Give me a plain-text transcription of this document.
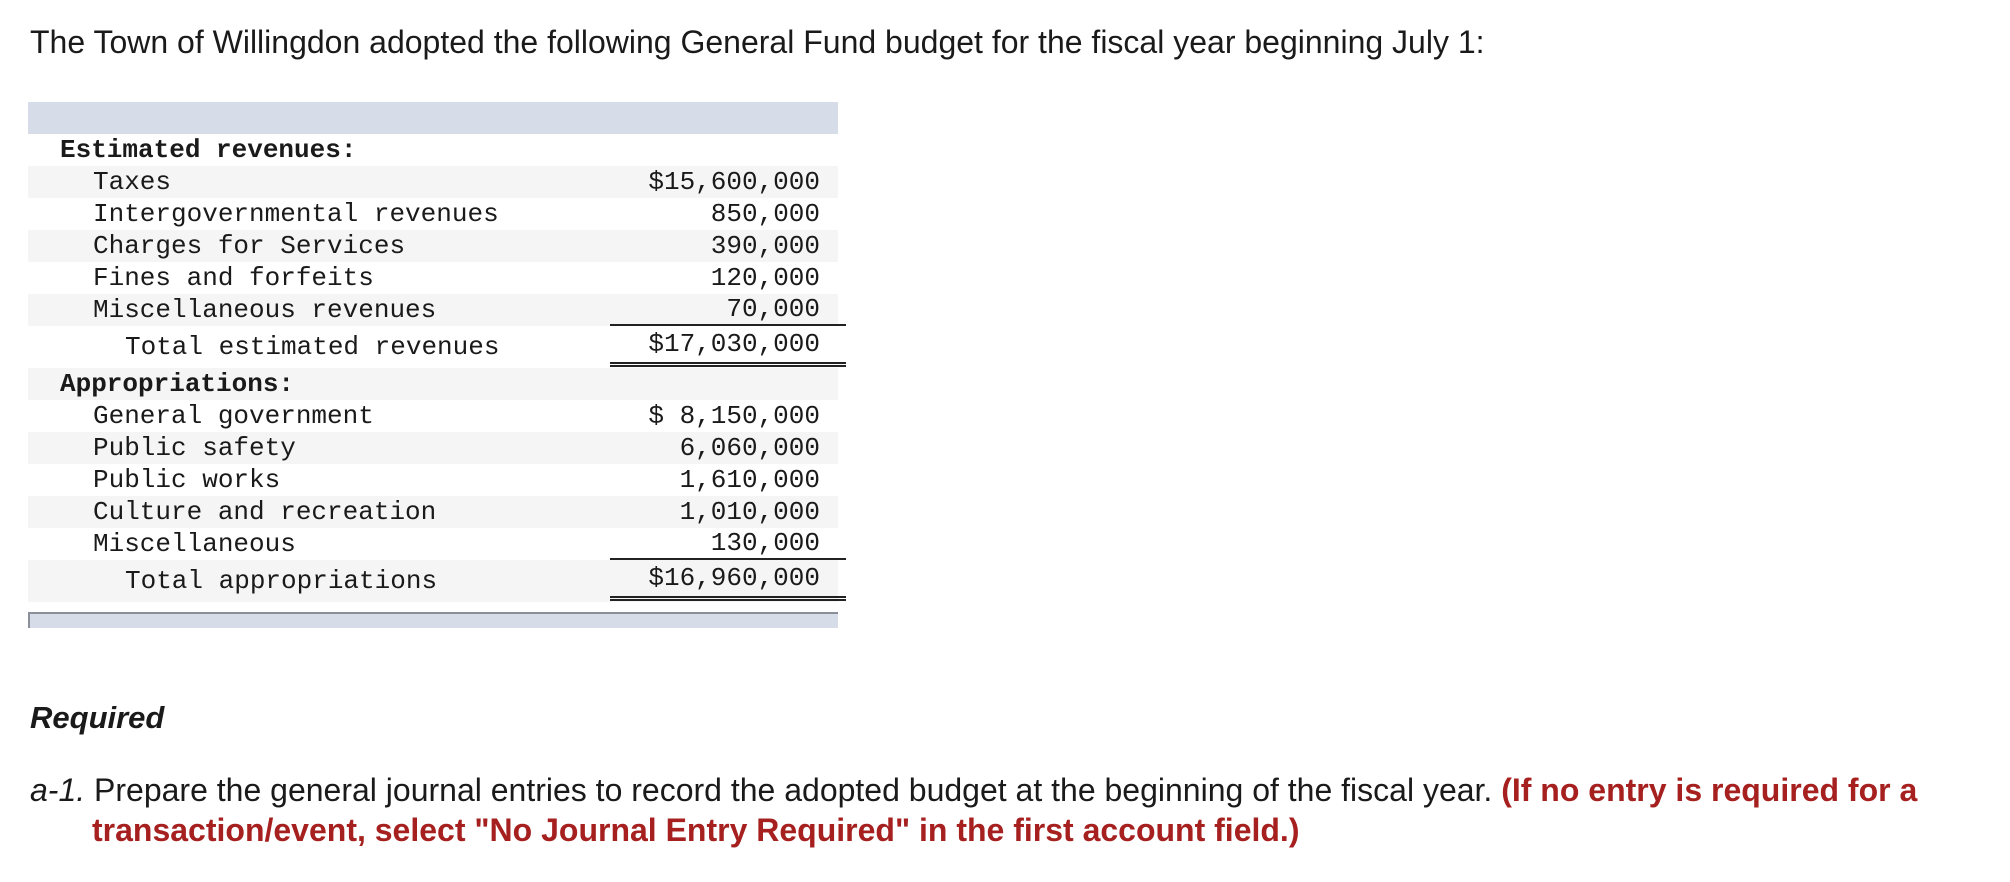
The Town of Willingdon adopted the following General Fund budget for the fiscal year beginning July 1:
Estimated revenues:
Taxes	$15,600,000
Intergovernmental revenues	850,000
Charges for Services	390,000
Fines and forfeits	120,000
Miscellaneous revenues	70,000
Total estimated revenues	$17,030,000
Appropriations:
General government	$ 8,150,000
Public safety	6,060,000
Public works	1,610,000
Culture and recreation	1,010,000
Miscellaneous	130,000
Total appropriations	$16,960,000
Required
a-1. Prepare the general journal entries to record the adopted budget at the beginning of the fiscal year. (If no entry is required for a
transaction/event, select "No Journal Entry Required" in the first account field.)
